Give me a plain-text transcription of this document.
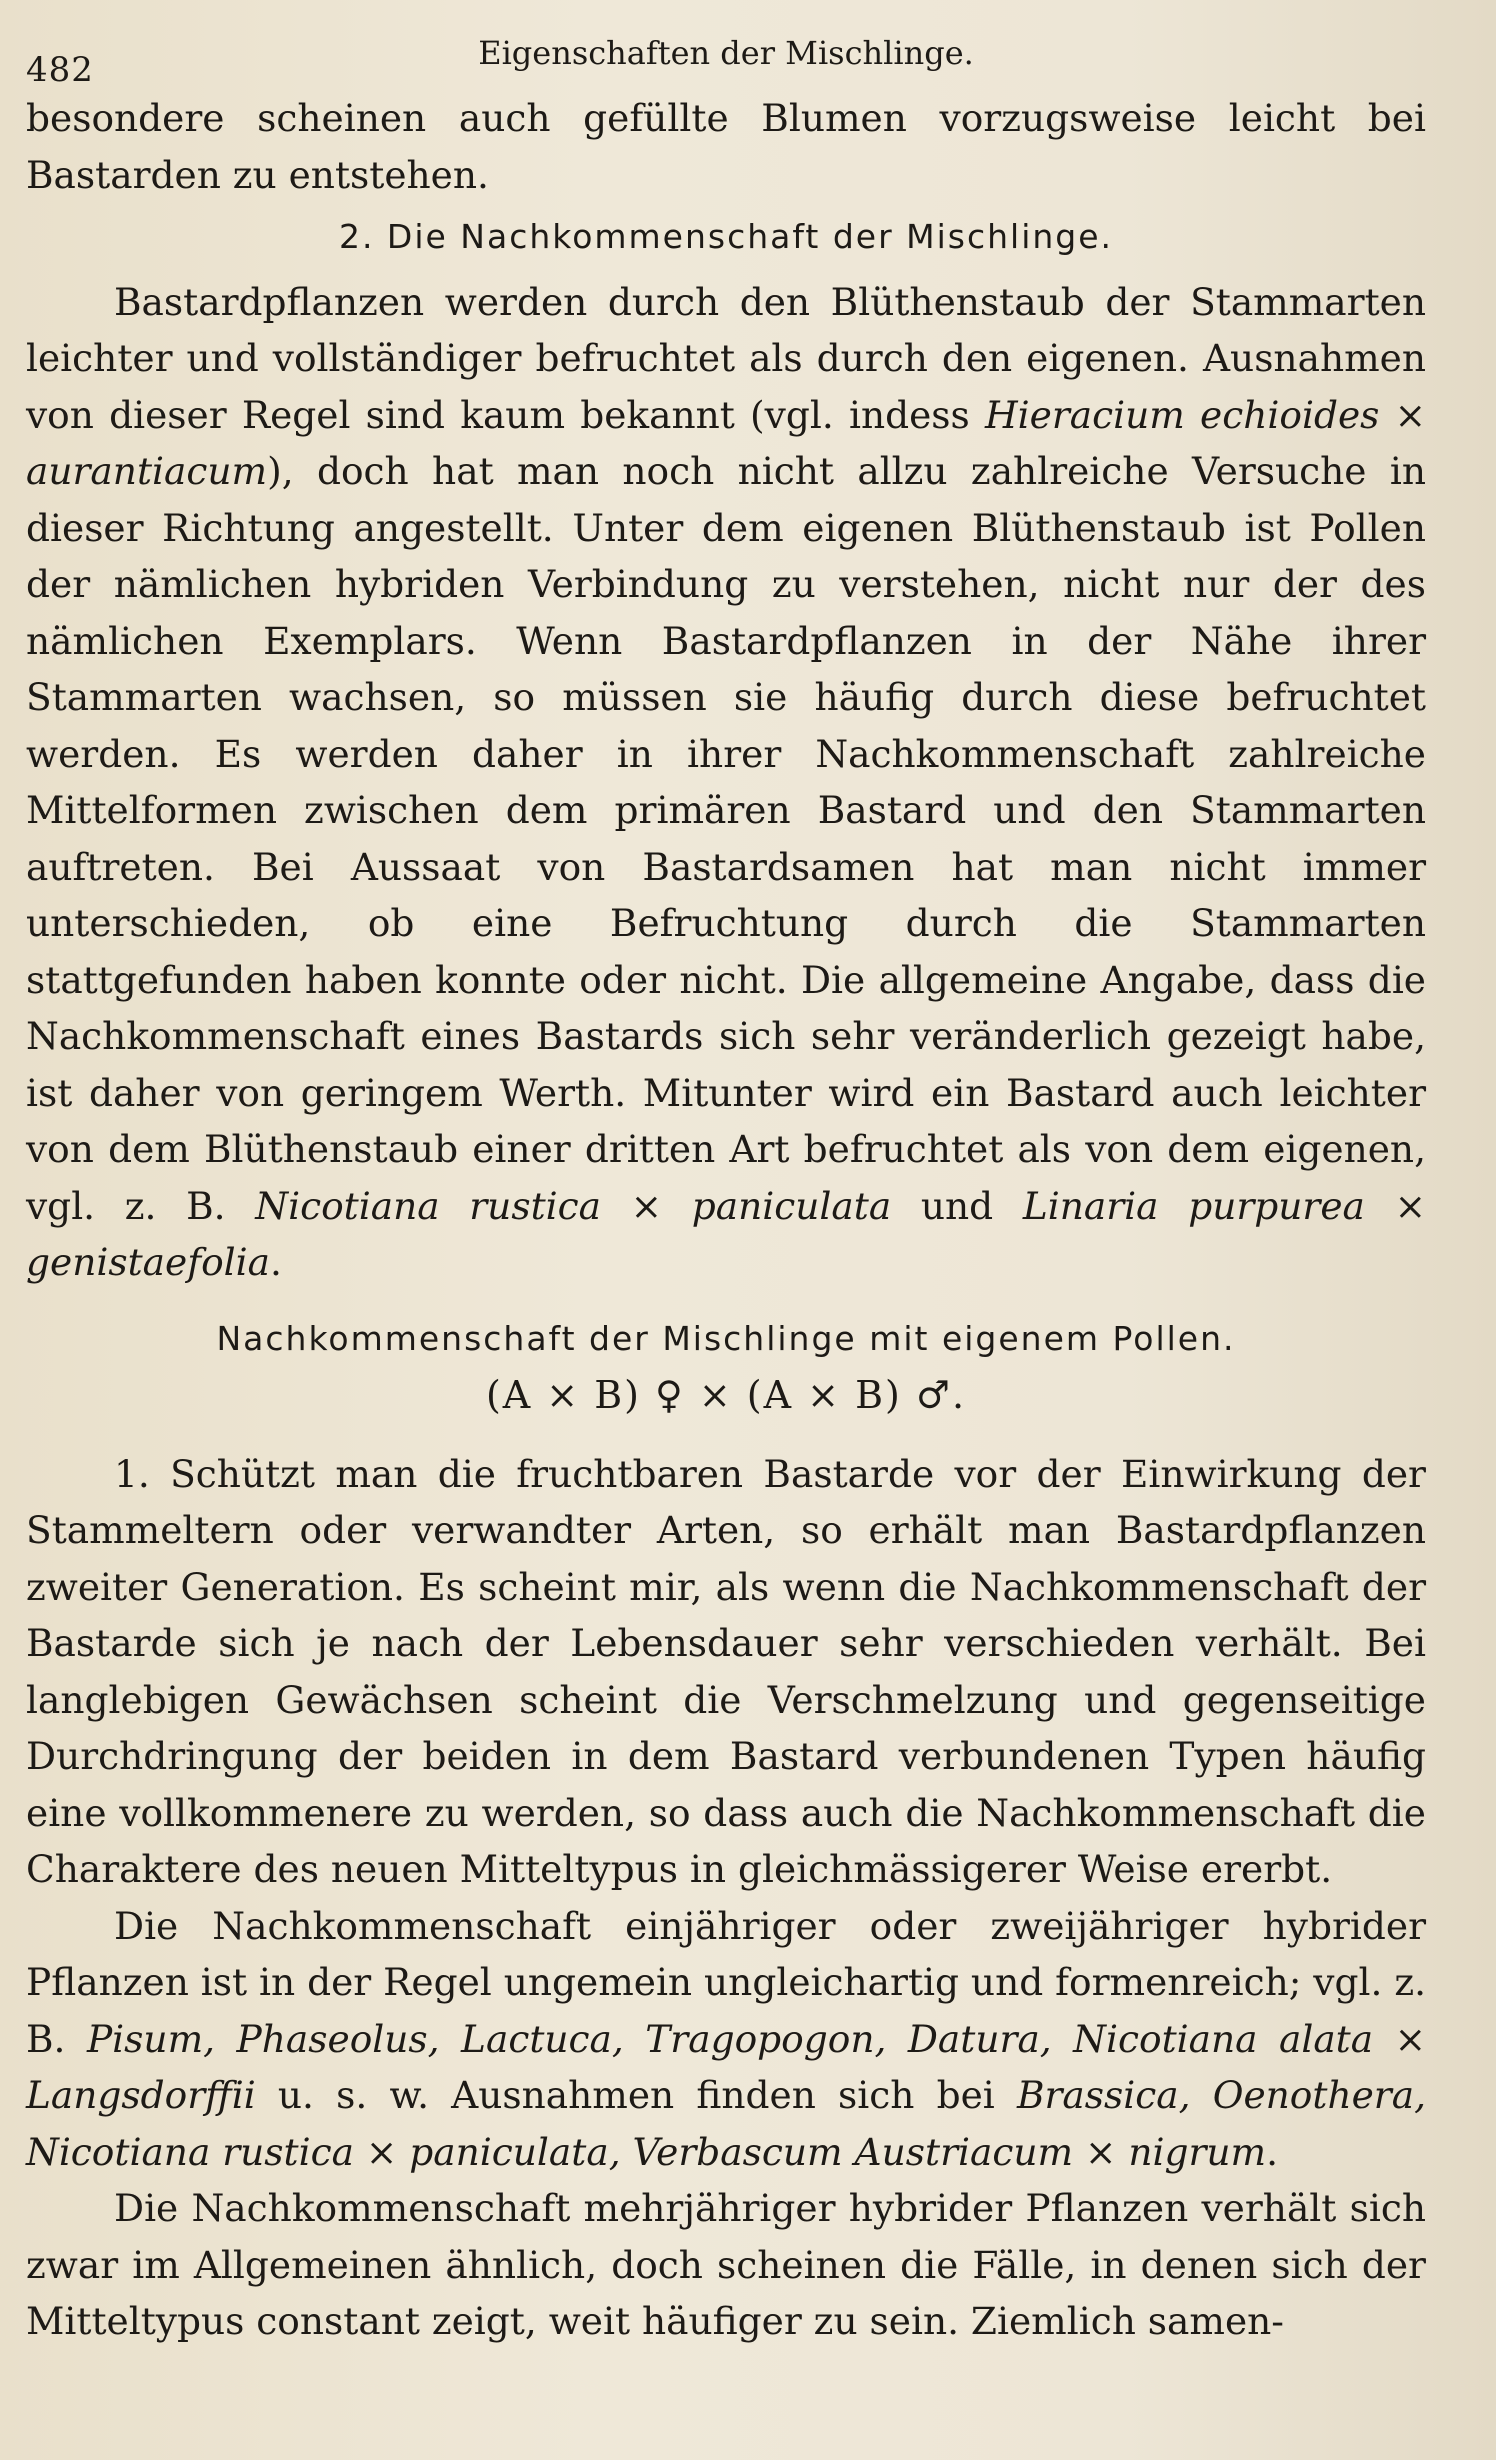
482	Eigenschaften der Mischlinge.

besondere scheinen auch gefüllte Blumen vorzugsweise leicht bei Bastarden zu entstehen.

2. Die Nachkommenschaft der Mischlinge.

Bastardpflanzen werden durch den Blüthenstaub der Stammarten leichter und vollständiger befruchtet als durch den eigenen. Ausnahmen von dieser Regel sind kaum bekannt (vgl. indess Hieracium echioides × aurantiacum), doch hat man noch nicht allzu zahlreiche Versuche in dieser Richtung angestellt. Unter dem eigenen Blüthenstaub ist Pollen der nämlichen hybriden Verbindung zu verstehen, nicht nur der des nämlichen Exemplars. Wenn Bastardpflanzen in der Nähe ihrer Stammarten wachsen, so müssen sie häufig durch diese befruchtet werden. Es werden daher in ihrer Nachkommenschaft zahlreiche Mittelformen zwischen dem primären Bastard und den Stammarten auftreten. Bei Aussaat von Bastardsamen hat man nicht immer unterschieden, ob eine Befruchtung durch die Stammarten stattgefunden haben konnte oder nicht. Die allgemeine Angabe, dass die Nachkommenschaft eines Bastards sich sehr veränderlich gezeigt habe, ist daher von geringem Werth. Mitunter wird ein Bastard auch leichter von dem Blüthenstaub einer dritten Art befruchtet als von dem eigenen, vgl. z. B. Nicotiana rustica × paniculata und Linaria purpurea × genistaefolia.

Nachkommenschaft der Mischlinge mit eigenem Pollen.
(A × B) ♀ × (A × B) ♂.

1. Schützt man die fruchtbaren Bastarde vor der Einwirkung der Stammeltern oder verwandter Arten, so erhält man Bastardpflanzen zweiter Generation. Es scheint mir, als wenn die Nachkommenschaft der Bastarde sich je nach der Lebensdauer sehr verschieden verhält. Bei langlebigen Gewächsen scheint die Verschmelzung und gegenseitige Durchdringung der beiden in dem Bastard verbundenen Typen häufig eine vollkommenere zu werden, so dass auch die Nachkommenschaft die Charaktere des neuen Mitteltypus in gleichmässigerer Weise ererbt.

Die Nachkommenschaft einjähriger oder zweijähriger hybrider Pflanzen ist in der Regel ungemein ungleichartig und formenreich; vgl. z. B. Pisum, Phaseolus, Lactuca, Tragopogon, Datura, Nicotiana alata × Langsdorffii u. s. w. Ausnahmen finden sich bei Brassica, Oenothera, Nicotiana rustica × paniculata, Verbascum Austriacum × nigrum.

Die Nachkommenschaft mehrjähriger hybrider Pflanzen verhält sich zwar im Allgemeinen ähnlich, doch scheinen die Fälle, in denen sich der Mitteltypus constant zeigt, weit häufiger zu sein. Ziemlich samen-
